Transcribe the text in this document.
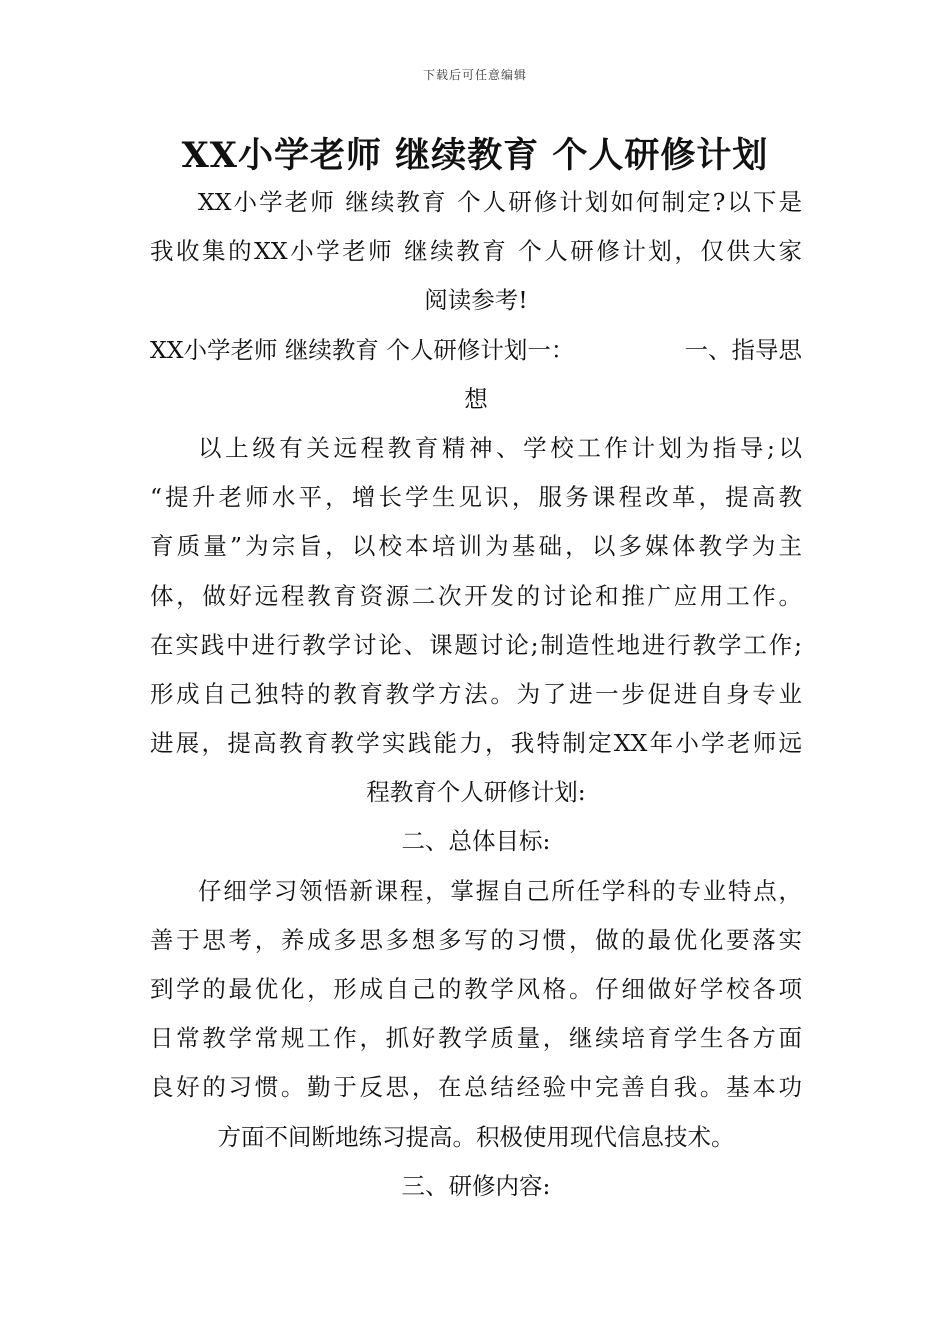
下载后可任意编辑
XX小学老师 继续教育 个人研修计划
XX小学老师 继续教育 个人研修计划如何制定?以下是
我收集的XX小学老师 继续教育 个人研修计划，仅供大家
阅读参考!
XX小学老师 继续教育 个人研修计划一：	一、指导思
想
以上级有关远程教育精神、学校工作计划为指导;以
“提升老师水平，增长学生见识，服务课程改革，提高教
育质量”为宗旨，以校本培训为基础，以多媒体教学为主
体，做好远程教育资源二次开发的讨论和推广应用工作。
在实践中进行教学讨论、课题讨论;制造性地进行教学工作;
形成自己独特的教育教学方法。为了进一步促进自身专业
进展，提高教育教学实践能力，我特制定XX年小学老师远
程教育个人研修计划:
二、总体目标:
仔细学习领悟新课程，掌握自己所任学科的专业特点，
善于思考，养成多思多想多写的习惯，做的最优化要落实
到学的最优化，形成自己的教学风格。仔细做好学校各项
日常教学常规工作，抓好教学质量，继续培育学生各方面
良好的习惯。勤于反思，在总结经验中完善自我。基本功
方面不间断地练习提高。积极使用现代信息技术。
三、研修内容:
